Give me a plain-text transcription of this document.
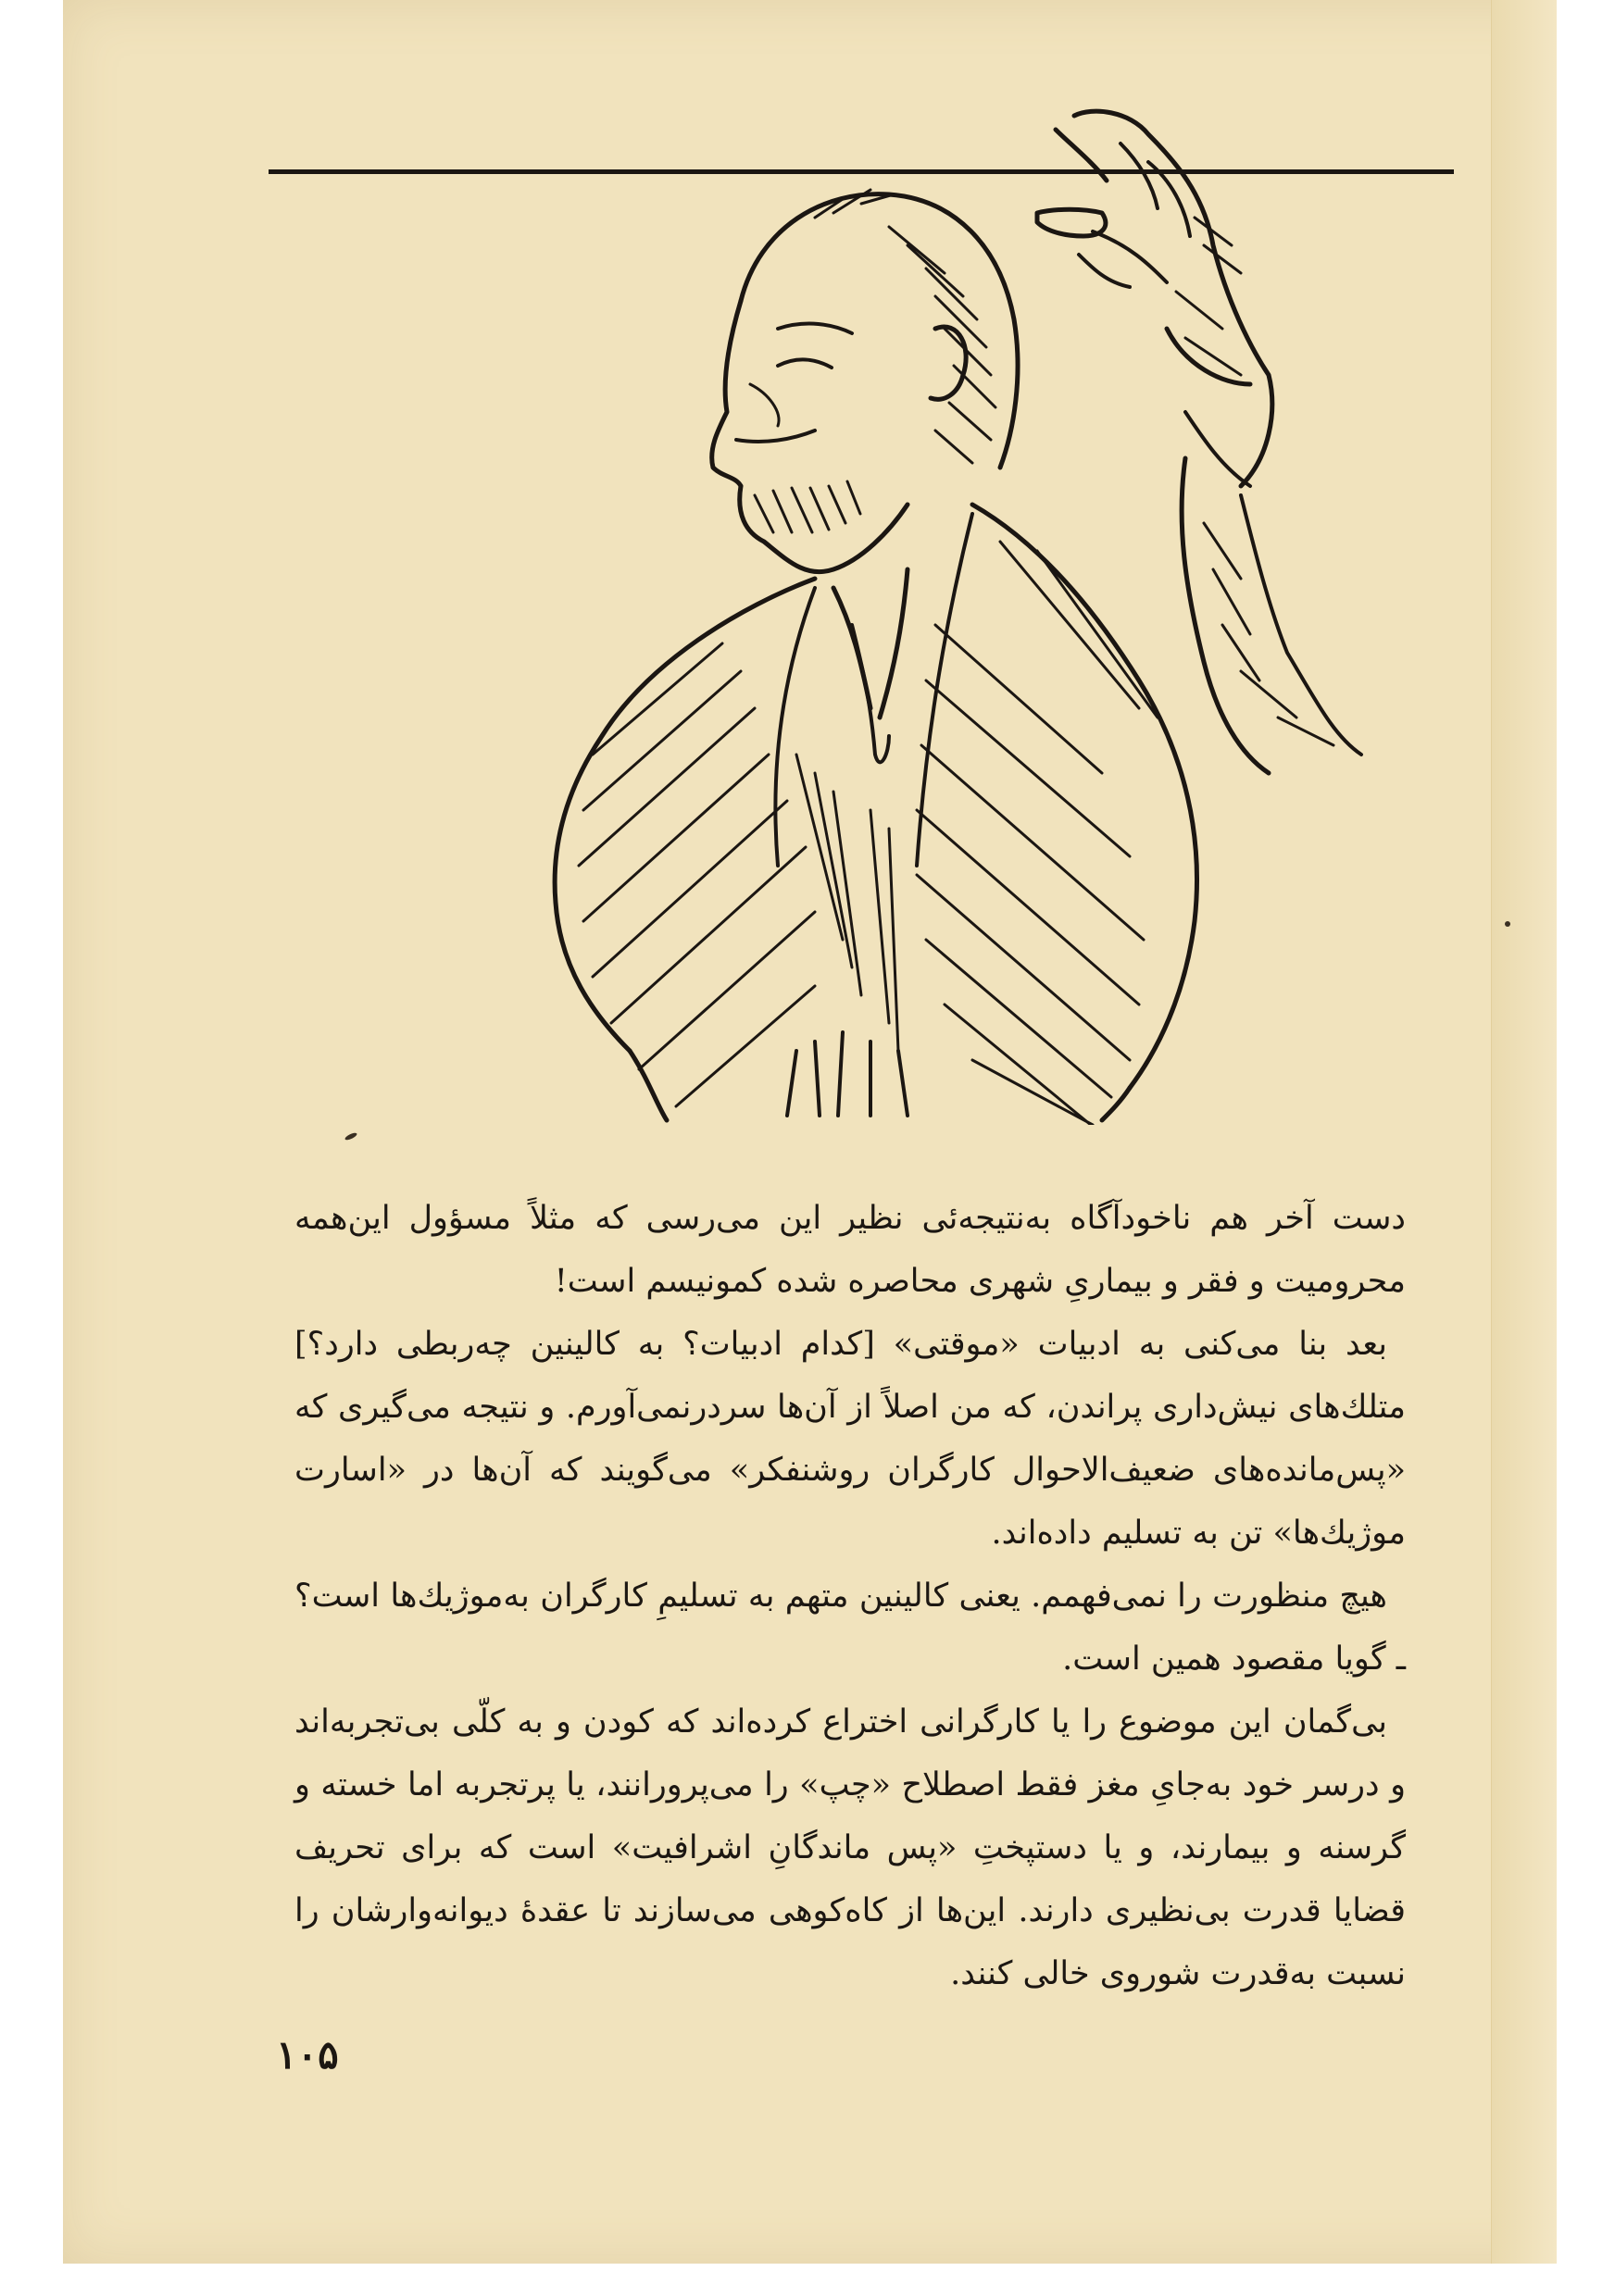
دست آخر هم ناخودآگاه به‌نتیجه‌ئی نظیر این می‌رسی که مثلاً مسؤول این‌همه محرومیت و فقر و بیماریِ شهری محاصره شده کمونیسم است!

بعد بنا می‌کنی به ادبیات «موقتی» [کدام ادبیات؟ به کالینین چه‌ربطی دارد؟] متلك‌های نیش‌داری پراندن، که من اصلاً از آن‌ها سردرنمی‌آورم. و نتیجه می‌گیری که «پس‌مانده‌های ضعیف‌الاحوال کارگران روشنفکر» می‌گویند که آن‌ها در «اسارت موژیك‌ها» تن به تسلیم داده‌اند.

هیچ منظورت را نمی‌فهمم. یعنی کالینین متهم به تسلیمِ کارگران به‌موژیك‌ها است؟ ـ گویا مقصود همین است.

بی‌گمان این موضوع را یا کارگرانی اختراع کرده‌اند که کودن و به کلّی بی‌تجربه‌اند و درسر خود به‌جایِ مغز فقط اصطلاح «چپ» را می‌پرورانند، یا پرتجربه اما خسته و گرسنه و بیمارند، و یا دستپختِ «پس ماندگانِ اشرافیت» است که برای تحریف قضایا قدرت بی‌نظیری دارند. این‌ها از کاه‌کوهی می‌سازند تا عقدهٔ دیوانه‌وارشان را نسبت به‌قدرت شوروی خالی کنند.

۱۰۵
